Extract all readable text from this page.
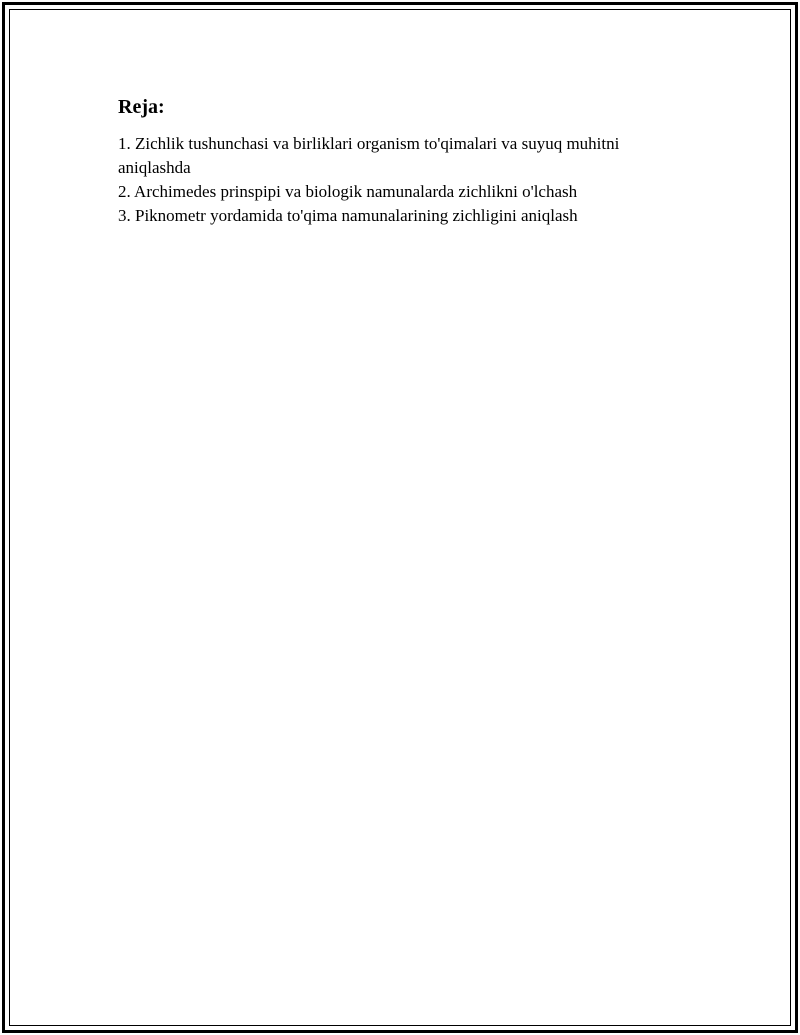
Reja:
1. Zichlik tushunchasi va birliklari organism to'qimalari va suyuq muhitni aniqlashda
2. Archimedes prinspipi va biologik namunalarda zichlikni o'lchash
3. Piknometr yordamida to'qima namunalarining zichligini aniqlash
